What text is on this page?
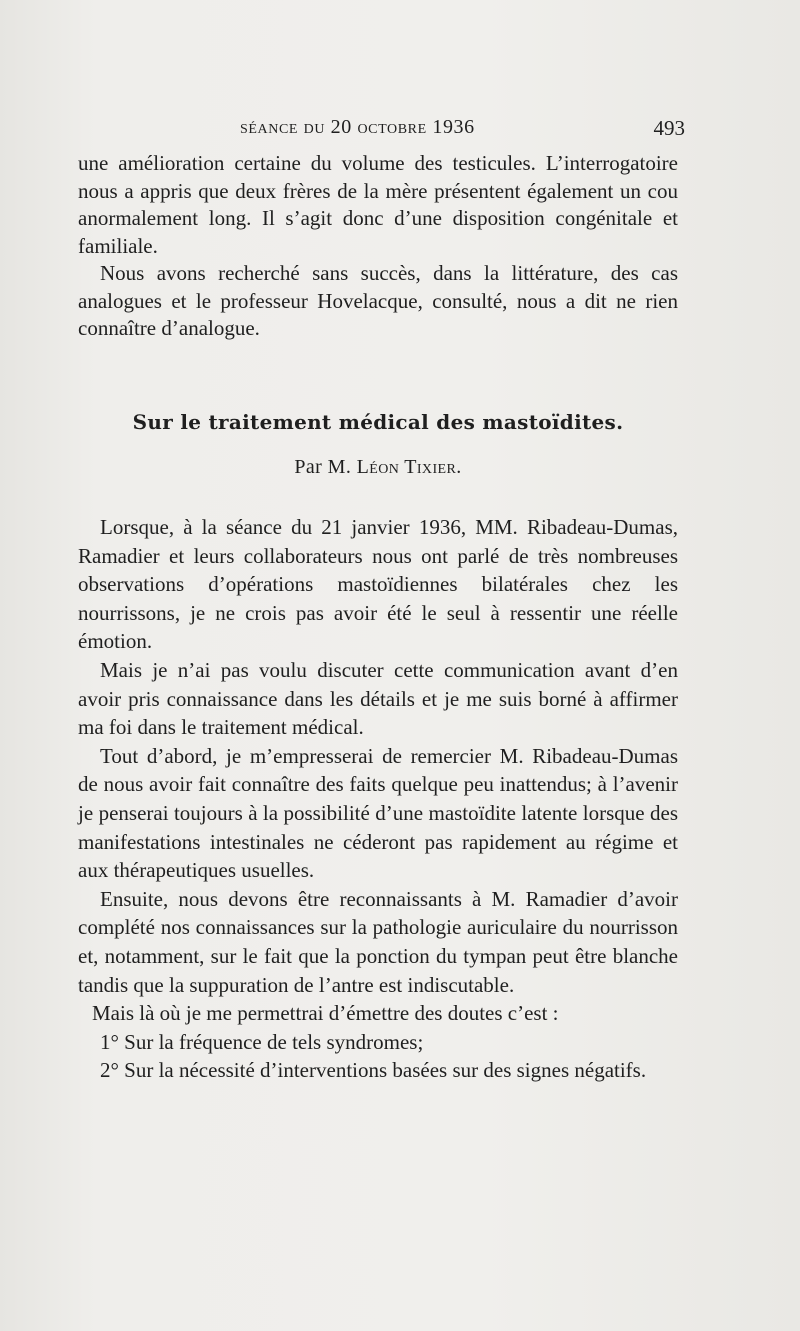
séance du 20 octobre 1936	493

une amélioration certaine du volume des testicules. L’interrogatoire nous a appris que deux frères de la mère présentent également un cou anormalement long. Il s’agit donc d’une disposition congénitale et familiale.

Nous avons recherché sans succès, dans la littérature, des cas analogues et le professeur Hovelacque, consulté, nous a dit ne rien connaître d’analogue.

Sur le traitement médical des mastoïdites.
Par M. Léon Tixier.

Lorsque, à la séance du 21 janvier 1936, MM. Ribadeau-Dumas, Ramadier et leurs collaborateurs nous ont parlé de très nombreuses observations d’opérations mastoïdiennes bilatérales chez les nourrissons, je ne crois pas avoir été le seul à ressentir une réelle émotion.

Mais je n’ai pas voulu discuter cette communication avant d’en avoir pris connaissance dans les détails et je me suis borné à affirmer ma foi dans le traitement médical.

Tout d’abord, je m’empresserai de remercier M. Ribadeau-Dumas de nous avoir fait connaître des faits quelque peu inattendus; à l’avenir je penserai toujours à la possibilité d’une mastoïdite latente lorsque des manifestations intestinales ne céderont pas rapidement au régime et aux thérapeutiques usuelles.

Ensuite, nous devons être reconnaissants à M. Ramadier d’avoir complété nos connaissances sur la pathologie auriculaire du nourrisson et, notamment, sur le fait que la ponction du tympan peut être blanche tandis que la suppuration de l’antre est indiscutable.

Mais là où je me permettrai d’émettre des doutes c’est :

1° Sur la fréquence de tels syndromes;

2° Sur la nécessité d’interventions basées sur des signes négatifs.
